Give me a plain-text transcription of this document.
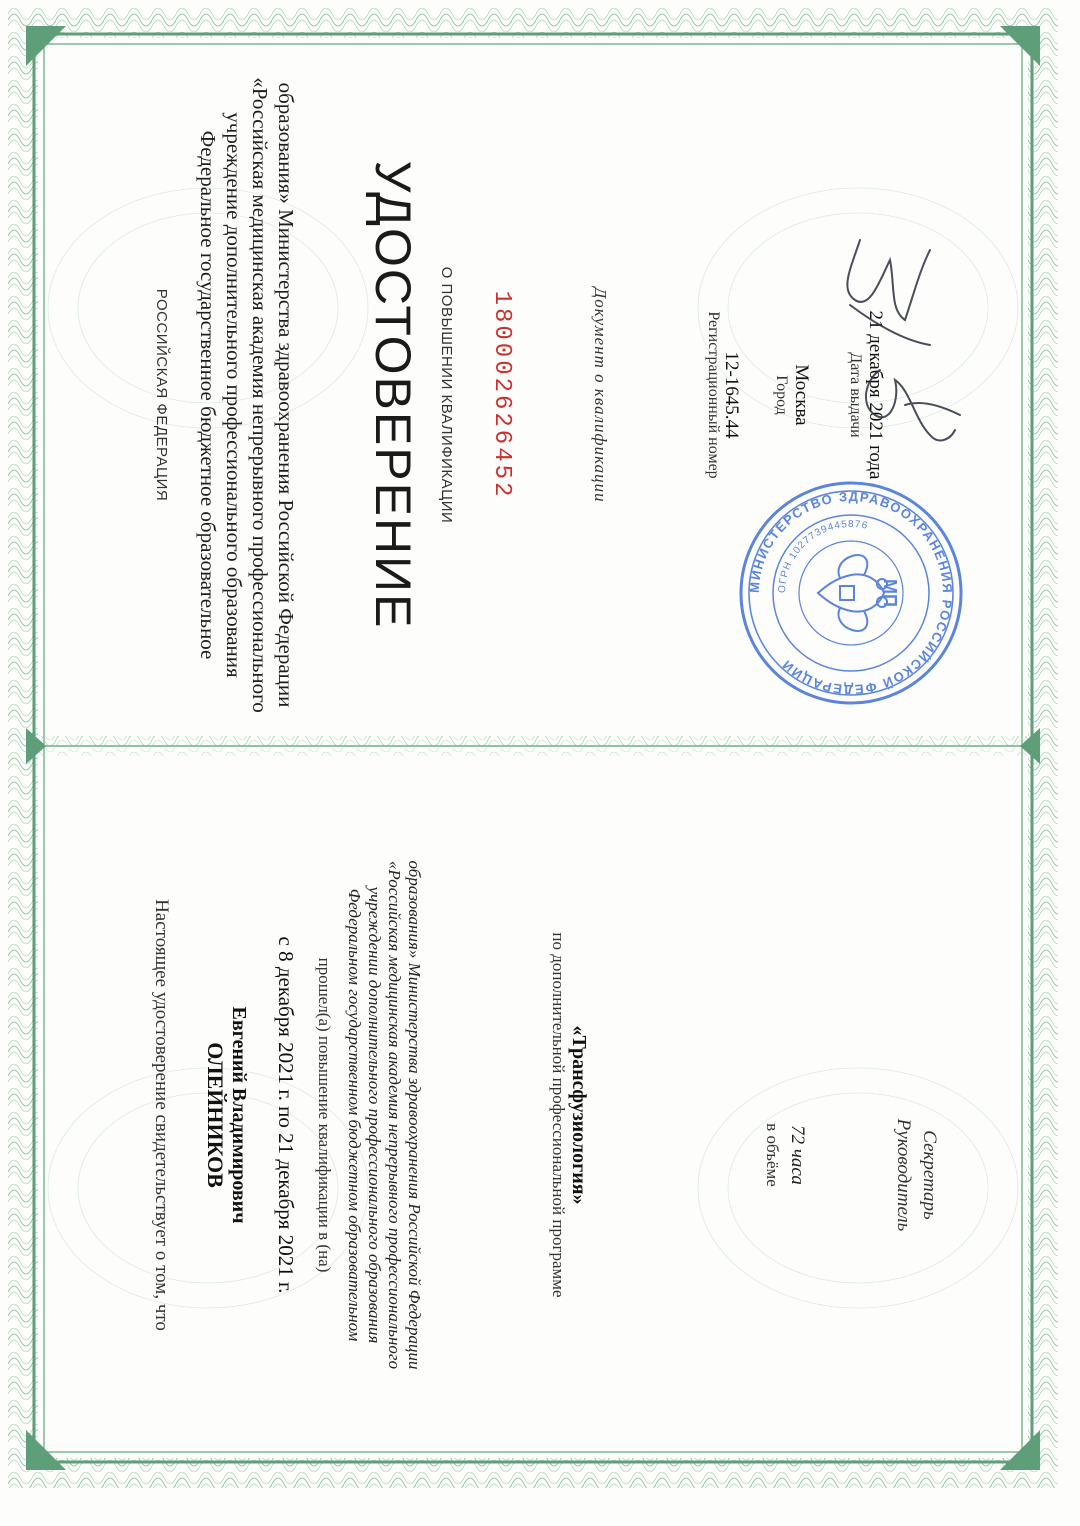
РОССИЙСКАЯ ФЕДЕРАЦИЯ Федеральное государственное бюджетное образовательное учреждение дополнительного профессионального образования «Российская медицинская академия непрерывного профессионального образования» Министерства здравоохранения Российской Федерации УДОСТОВЕРЕНИЕ О ПОВЫШЕНИИ КВАЛИФИКАЦИИ 180002626452	Документ о квалификации	Регистрационный номер 12-1645.44 Город Москва Дата выдачи 21 декабря 2021 года
Настоящее удостоверение свидетельствует о том, что ОЛЕЙНИКОВ Евгений Владимирович с 8 декабря 2021 г. по 21 декабря 2021 г. прошел(а) повышение квалификации в (на) Федеральном государственном бюджетном образовательном учреждении дополнительного профессионального образования «Российская медицинская академия непрерывного профессионального образования» Министерства здравоохранения Российской Федерации	по дополнительной профессиональной программе «Трансфузиология»	в объёме 72 часа	Руководитель Секретарь
МИНИСТЕРСТВО ЗДРАВООХРАНЕНИЯ РОССИЙСКОЙ ФЕДЕРАЦИИ
ОГРН 1027739445876
МП
